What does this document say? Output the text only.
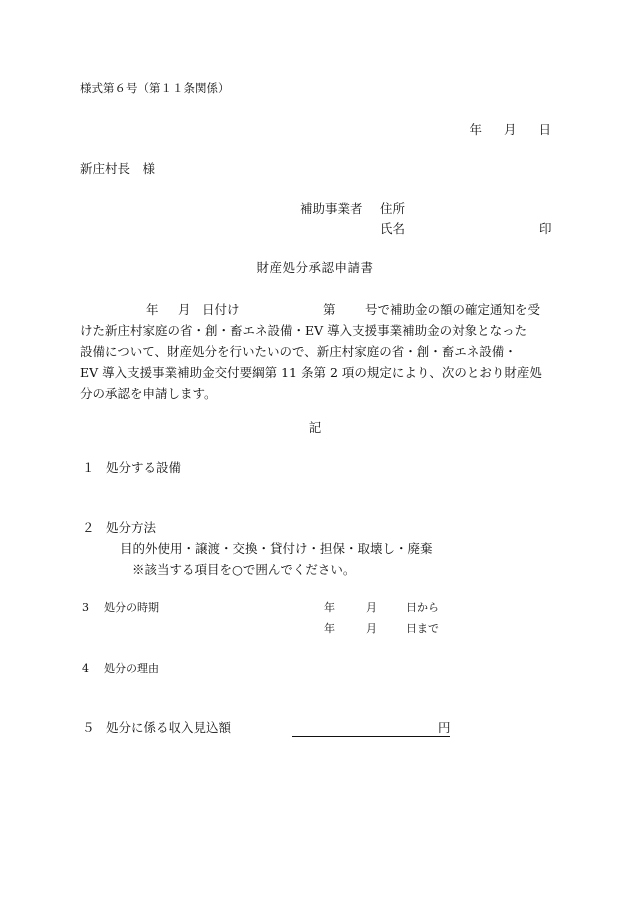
様式第６号（第１１条関係）
年 月 日
新庄村長　様
補助事業者 住所
氏名	印
財産処分承認申請書
年 月 日付け	第 号で補助金の額の確定通知を受
けた新庄村家庭の省・創・畜エネ設備・EV 導入支援事業補助金の対象となった
設備について、財産処分を行いたいので、新庄村家庭の省・創・畜エネ設備・
EV 導入支援事業補助金交付要綱第 11 条第 2 項の規定により、次のとおり財産処
分の承認を申請します。
記
１ 処分する設備
２ 処分方法
目的外使用・譲渡・交換・貸付け・担保・取壊し・廃棄
※該当する項目を○で囲んでください。
3 処分の時期	年	月	日から
年	月	日まで
4 処分の理由
５ 処分に係る収入見込額	円
